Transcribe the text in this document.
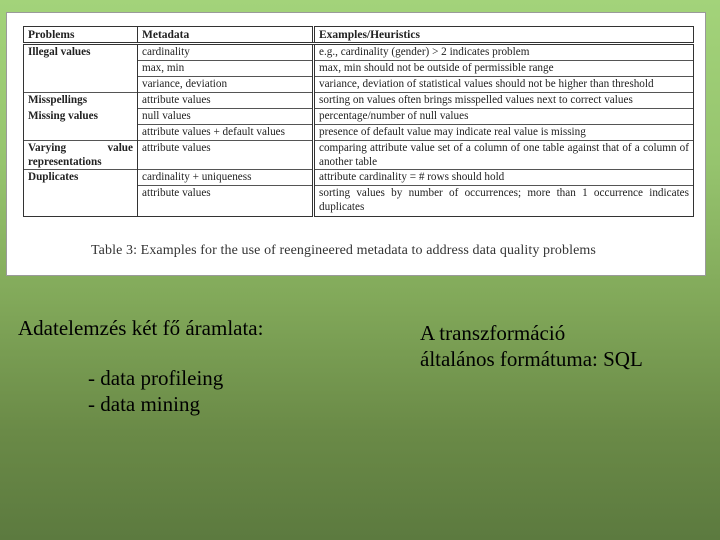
Problems	Metadata	Examples/Heuristics
Illegal values	cardinality	e.g., cardinality (gender) > 2 indicates problem
	max, min	max, min should not be outside of permissible range
	variance, deviation	variance, deviation of statistical values should not be higher than threshold
Misspellings	attribute values	sorting on values often brings misspelled values next to correct values
Missing values	null values	percentage/number of null values
	attribute values + default values	presence of default value may indicate real value is missing
Varying value representations	attribute values	comparing attribute value set of a column of one table against that of a column of another table
Duplicates	cardinality + uniqueness	attribute cardinality = # rows should hold
	attribute values	sorting values by number of occurrences; more than 1 occurrence indicates duplicates
Table 3: Examples for the use of reengineered metadata to address data quality problems

Adatelemzés két fő áramlata:

- data profileing

- data mining

A transzformáció
általános formátuma: SQL
